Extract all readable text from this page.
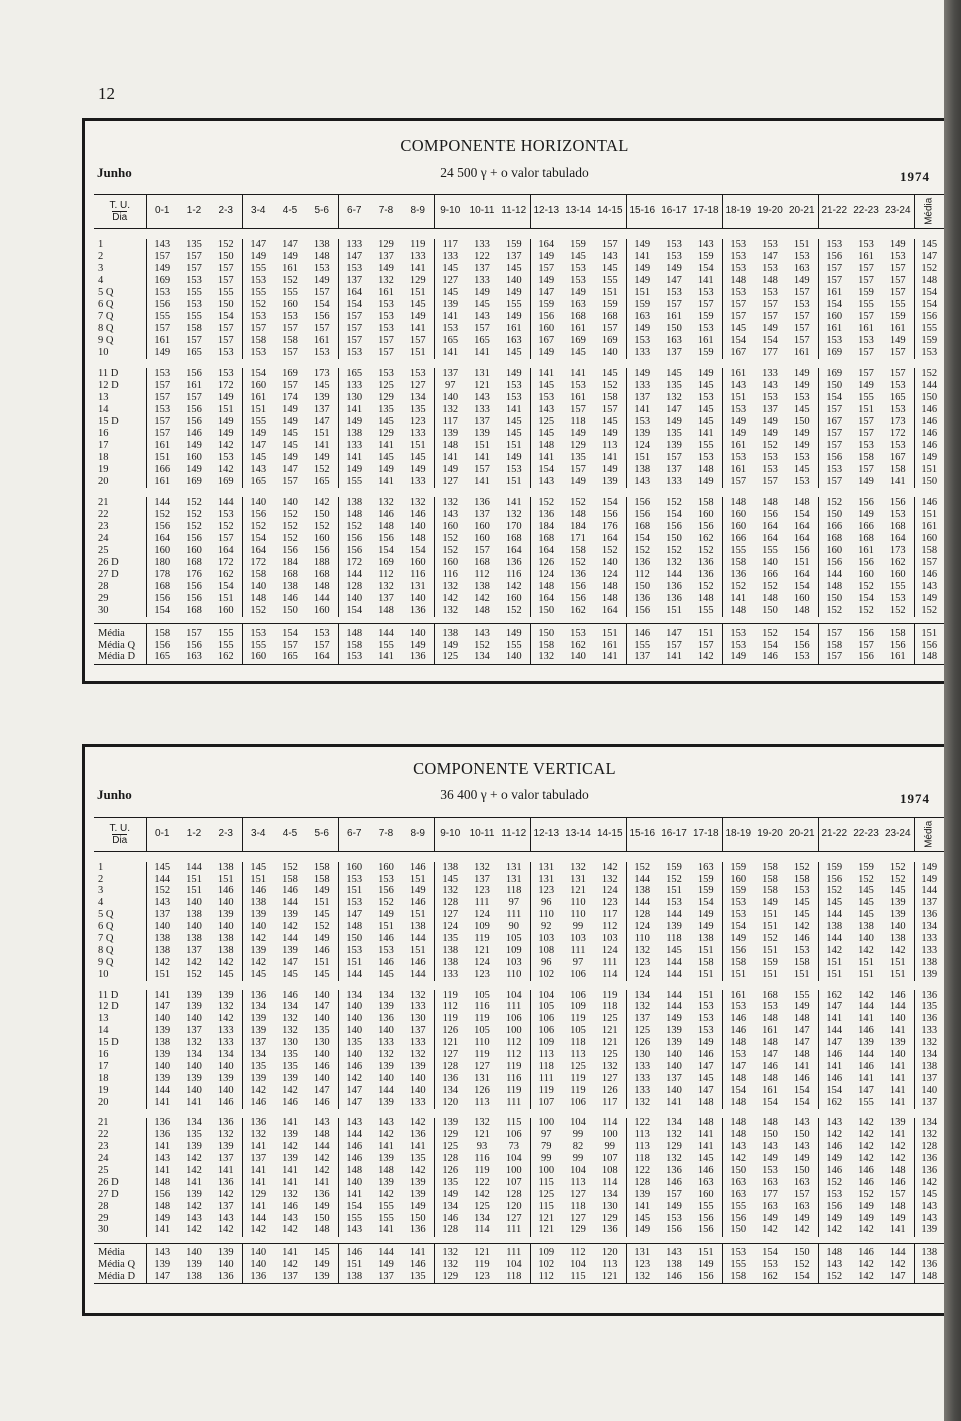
12
COMPONENTE HORIZONTAL
Junho	24 500 γ + o valor tabulado	1974
T. U.
Dia	0-1	1-2	2-3	3-4	4-5	5-6	6-7	7-8	8-9	9-10	10-11	11-12	12-13	13-14	14-15	15-16	16-17	17-18	18-19	19-20	20-21	21-22	22-23	23-24	Média

1	143	135	152	147	147	138	133	129	119	117	133	159	164	159	157	149	153	143	153	153	151	153	153	149	145
2	157	157	150	149	149	148	147	137	133	133	122	137	149	145	143	141	153	159	153	147	153	156	161	153	147
3	149	157	157	155	161	153	153	149	141	145	137	145	157	153	145	149	149	154	153	153	163	157	157	157	152
4	169	153	157	153	152	149	137	132	129	127	133	140	149	153	155	149	147	141	148	148	149	157	157	157	148
5 Q	153	155	155	155	155	157	164	161	151	145	149	149	147	149	151	151	153	153	153	153	157	161	159	157	154
6 Q	156	153	150	152	160	154	154	153	145	139	145	155	159	163	159	159	157	157	157	157	153	154	155	155	154
7 Q	155	155	154	153	153	156	157	153	149	141	143	149	156	168	168	163	161	159	157	157	157	160	157	159	156
8 Q	157	158	157	157	157	157	157	153	141	153	157	161	160	161	157	149	150	153	145	149	157	161	161	161	155
9 Q	161	157	157	158	158	161	157	157	157	165	165	163	167	169	169	153	163	161	154	154	157	153	153	149	159
10	149	165	153	153	157	153	153	157	151	141	141	145	149	145	140	133	137	159	167	177	161	169	157	157	153

11 D	153	156	153	154	169	173	165	153	153	137	131	149	141	141	145	149	145	149	161	133	149	169	157	157	152
12 D	157	161	172	160	157	145	133	125	127	97	121	153	145	153	152	133	135	145	143	143	149	150	149	153	144
13	157	157	149	161	174	139	130	129	134	140	143	153	153	161	158	137	132	153	151	153	153	154	155	165	150
14	153	156	151	151	149	137	141	135	135	132	133	141	143	157	157	141	147	145	153	137	145	157	151	153	146
15 D	157	156	149	155	149	147	149	145	123	117	137	145	125	118	145	153	149	145	149	149	150	167	157	173	146
16	157	146	149	149	145	151	138	129	133	139	139	145	145	149	149	139	135	141	149	149	149	157	157	172	146
17	161	149	142	147	145	141	133	141	151	148	151	151	148	129	113	124	139	155	161	152	149	157	153	153	146
18	151	160	153	145	149	149	141	145	145	141	141	149	141	135	141	151	157	153	153	153	153	156	158	167	149
19	166	149	142	143	147	152	149	149	149	149	157	153	154	157	149	138	137	148	161	153	145	153	157	158	151
20	161	169	169	165	157	165	155	141	133	127	141	151	143	149	139	143	133	149	157	157	153	157	149	141	150

21	144	152	144	140	140	142	138	132	132	132	136	141	152	152	154	156	152	158	148	148	148	152	156	156	146
22	152	152	153	156	152	150	148	146	146	143	137	132	136	148	156	156	154	160	160	156	154	150	149	153	151
23	156	152	152	152	152	152	152	148	140	160	160	170	184	184	176	168	156	156	160	164	164	166	166	168	161
24	164	156	157	154	152	160	156	156	148	152	160	168	168	171	164	154	150	162	166	164	164	168	168	164	160
25	160	160	164	164	156	156	156	154	154	152	157	164	164	158	152	152	152	152	155	155	156	160	161	173	158
26 D	180	168	172	172	184	188	172	169	160	160	168	136	126	152	140	136	132	136	158	140	151	156	156	162	157
27 D	178	176	162	158	168	168	144	112	116	116	112	116	124	136	124	112	144	136	136	166	164	144	160	160	146
28	168	156	154	140	138	148	128	132	131	132	138	142	148	156	148	150	136	152	152	152	154	148	152	155	143
29	156	156	151	148	146	144	140	137	140	142	142	160	164	156	148	136	136	148	141	148	160	150	154	153	149
30	154	168	160	152	150	160	154	148	136	132	148	152	150	162	164	156	151	155	148	150	148	152	152	152	152

Média	158	157	155	153	154	153	148	144	140	138	143	149	150	153	151	146	147	151	153	152	154	157	156	158	151
Média Q	156	156	155	155	157	157	158	155	149	149	152	155	158	162	161	155	157	157	153	154	156	158	157	156	156
Média D	165	163	162	160	165	164	153	141	136	125	134	140	132	140	141	137	141	142	149	146	153	157	156	161	148

COMPONENTE VERTICAL
Junho	36 400 γ + o valor tabulado	1974
T. U.
Dia	0-1	1-2	2-3	3-4	4-5	5-6	6-7	7-8	8-9	9-10	10-11	11-12	12-13	13-14	14-15	15-16	16-17	17-18	18-19	19-20	20-21	21-22	22-23	23-24	Média

1	145	144	138	145	152	158	160	160	146	138	132	131	131	132	142	152	159	163	159	158	152	159	159	152	149
2	144	151	151	151	158	158	153	153	151	145	137	131	131	131	132	144	152	159	160	158	158	156	152	152	149
3	152	151	146	146	146	149	151	156	149	132	123	118	123	121	124	138	151	159	159	158	153	152	145	145	144
4	143	140	140	138	144	151	153	152	146	128	111	97	96	110	123	144	153	154	153	149	145	145	145	139	137
5 Q	137	138	139	139	139	145	147	149	151	127	124	111	110	110	117	128	144	149	153	151	145	144	145	139	136
6 Q	140	140	140	140	142	152	148	151	138	124	109	90	92	99	112	124	139	149	154	151	142	138	138	140	134
7 Q	138	138	138	142	144	149	150	146	144	135	119	105	103	103	103	110	118	138	149	152	146	144	140	138	133
8 Q	138	137	138	139	139	146	153	153	151	138	121	109	108	111	124	132	145	151	156	151	153	142	142	142	133
9 Q	142	142	142	142	147	151	151	146	146	138	124	103	96	97	111	123	144	158	158	159	158	151	151	151	138
10	151	152	145	145	145	145	144	145	144	133	123	110	102	106	114	124	144	151	151	151	151	151	151	151	139

11 D	141	139	139	136	146	140	134	134	132	119	105	104	104	106	119	134	144	151	161	168	155	162	142	146	136
12 D	147	139	132	134	134	147	140	139	133	112	116	111	105	109	118	132	144	153	153	153	149	147	144	144	135
13	140	140	142	139	132	140	140	136	130	119	119	106	106	119	125	137	149	153	146	148	148	141	141	140	136
14	139	137	133	139	132	135	140	140	137	126	105	100	106	105	121	125	139	153	146	161	147	144	146	141	133
15 D	138	132	133	137	130	130	135	133	133	121	110	112	109	118	121	126	139	149	148	148	147	147	139	139	132
16	139	134	134	134	135	140	140	132	132	127	119	112	113	113	125	130	140	146	153	147	148	146	144	140	134
17	140	140	140	135	135	146	146	139	139	128	127	119	118	125	132	133	140	147	147	146	141	141	146	141	138
18	139	139	139	139	139	140	142	140	140	136	131	116	111	119	127	133	137	145	148	148	146	146	141	141	137
19	144	140	140	142	142	147	147	144	140	134	126	119	119	119	126	133	140	147	154	161	154	154	147	141	140
20	141	141	146	146	146	146	147	139	133	120	113	111	107	106	117	132	141	148	148	154	154	162	155	141	137

21	136	134	136	136	141	143	143	143	142	139	132	115	100	104	114	122	134	148	148	148	143	143	142	139	134
22	136	135	132	132	139	148	144	142	136	129	121	106	97	99	100	113	132	141	148	150	150	142	142	141	132
23	141	139	139	141	142	144	146	141	141	125	93	73	79	82	99	113	129	141	143	143	143	146	142	142	128
24	143	142	137	137	139	142	146	139	135	128	116	104	99	99	107	118	132	145	142	149	149	149	142	142	136
25	141	142	141	141	141	142	148	148	142	126	119	100	100	104	108	122	136	146	150	153	150	146	146	148	136
26 D	148	141	136	141	141	141	140	139	139	135	122	107	115	113	114	128	146	163	163	163	163	152	146	146	142
27 D	156	139	142	129	132	136	141	142	139	149	142	128	125	127	134	139	157	160	163	177	157	153	152	157	145
28	148	142	137	141	146	149	154	155	149	134	125	120	115	118	130	141	149	155	155	163	163	156	149	148	143
29	149	143	143	144	143	150	155	155	150	146	134	127	121	127	129	145	153	156	156	149	149	149	149	149	143
30	141	142	142	142	142	148	143	141	136	128	114	111	121	129	136	149	156	156	150	142	142	142	142	141	139

Média	143	140	139	140	141	145	146	144	141	132	121	111	109	112	120	131	143	151	153	154	150	148	146	144	138
Média Q	139	139	140	140	142	149	151	149	146	132	119	104	102	104	113	123	138	149	155	153	152	143	142	142	136
Média D	147	138	136	136	137	139	138	137	135	129	123	118	112	115	121	132	146	156	158	162	154	152	142	147	148
